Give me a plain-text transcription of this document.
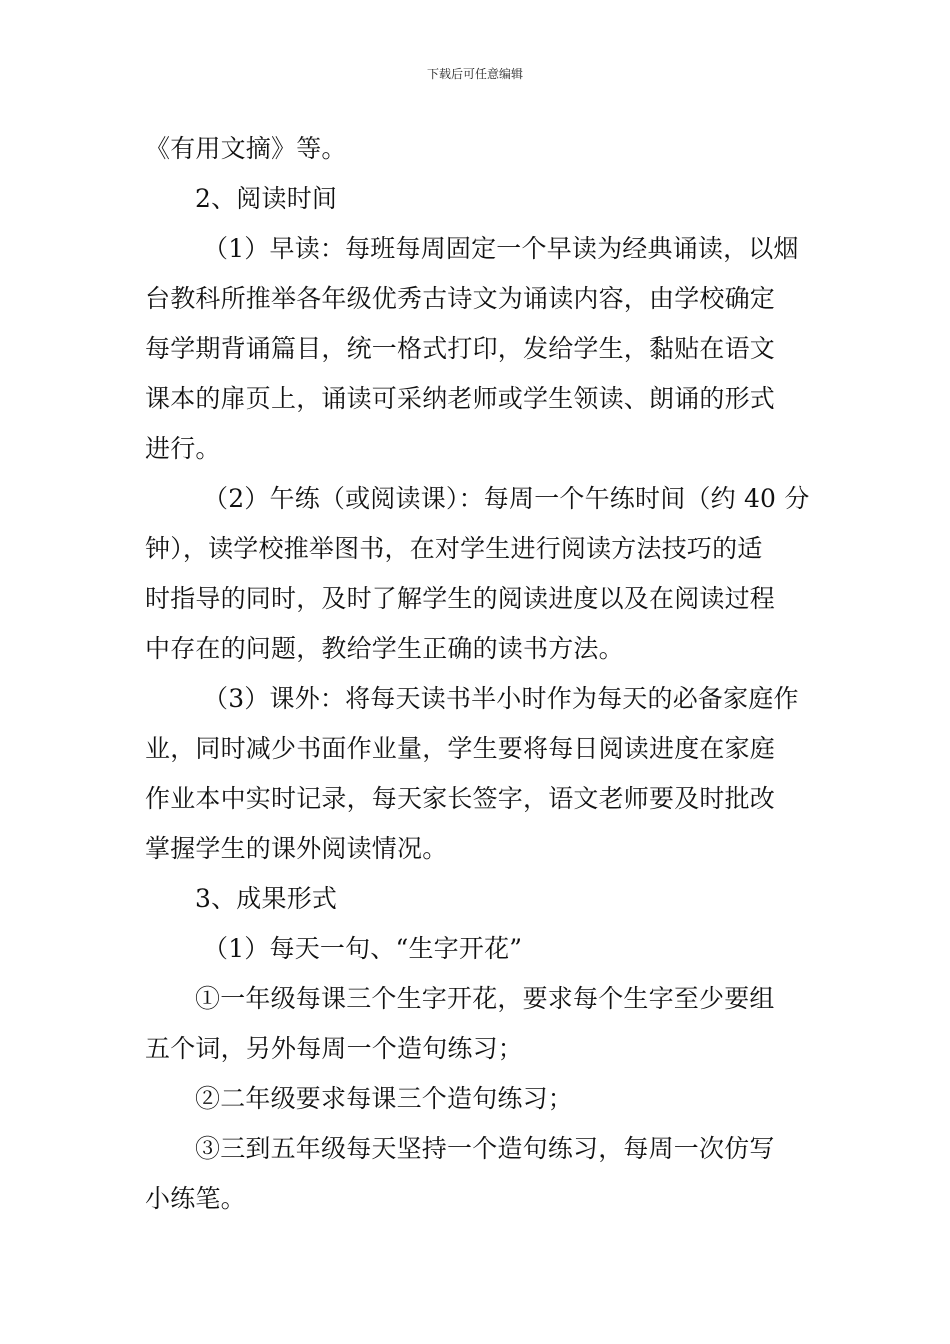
下载后可任意编辑
《有用文摘》等。
2、阅读时间
（1）早读：每班每周固定一个早读为经典诵读，以烟
台教科所推举各年级优秀古诗文为诵读内容，由学校确定
每学期背诵篇目，统一格式打印，发给学生，黏贴在语文
课本的扉页上，诵读可采纳老师或学生领读、朗诵的形式
进行。
（2）午练（或阅读课）：每周一个午练时间（约 40 分
钟），读学校推举图书，在对学生进行阅读方法技巧的适
时指导的同时，及时了解学生的阅读进度以及在阅读过程
中存在的问题，教给学生正确的读书方法。
（3）课外：将每天读书半小时作为每天的必备家庭作
业，同时减少书面作业量，学生要将每日阅读进度在家庭
作业本中实时记录，每天家长签字，语文老师要及时批改
掌握学生的课外阅读情况。
3、成果形式
（1）每天一句、“生字开花”
①一年级每课三个生字开花，要求每个生字至少要组
五个词，另外每周一个造句练习；
②二年级要求每课三个造句练习；
③三到五年级每天坚持一个造句练习，每周一次仿写
小练笔。
